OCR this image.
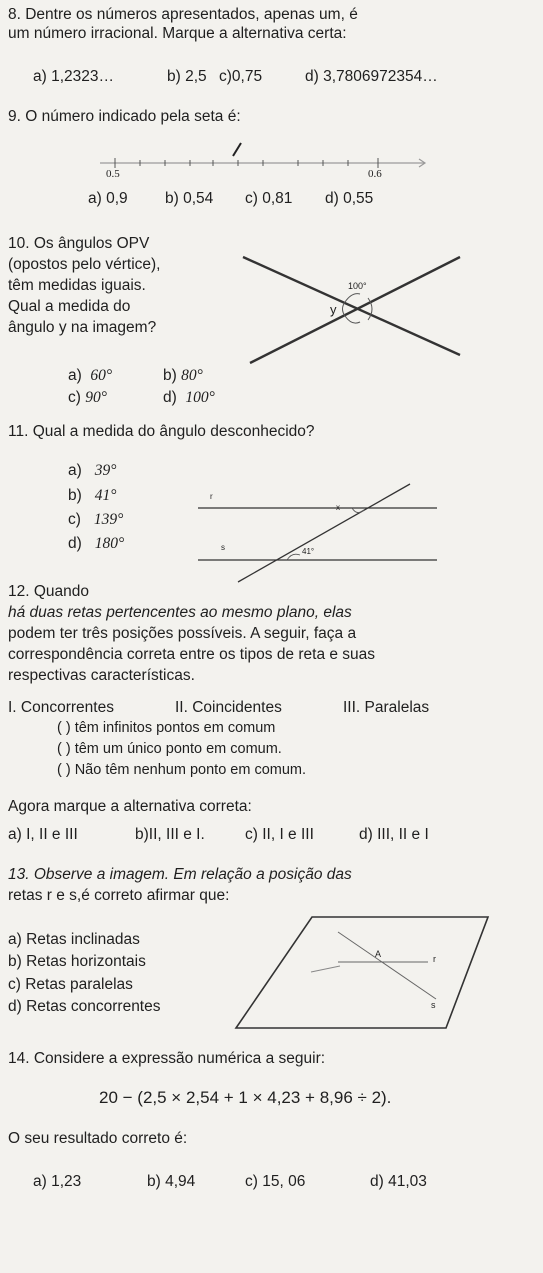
8. Dentre os números apresentados, apenas um, é
um número irracional. Marque a alternativa certa:
a) 1,2323…	b) 2,5 c)0,75	d) 3,7806972354…
9. O número indicado pela seta é:
0.5	0.6
a) 0,9 b) 0,54 c) 0,81 d) 0,55
10. Os ângulos OPV
(opostos pelo vértice),
têm medidas iguais.
Qual a medida do
ângulo y na imagem?
100°
y
a) 60°	b) 80°
c) 90°	d) 100°
11. Qual a medida do ângulo desconhecido?
a) 39°
b) 41°
c) 139°
d) 180°
r
x
s	41°
12. Quando
há duas retas pertencentes ao mesmo plano, elas
podem ter três posições possíveis. A seguir, faça a
correspondência correta entre os tipos de reta e suas
respectivas características.
I. Concorrentes	II. Coincidentes	III. Paralelas
( ) têm infinitos pontos em comum
( ) têm um único ponto em comum.
( ) Não têm nenhum ponto em comum.
Agora marque a alternativa correta:
a) I, II e III	b)II, III e I.	c) II, I e III	d) III, II e I
13. Observe a imagem. Em relação a posição das
retas r e s,é correto afirmar que:
a) Retas inclinadas
b) Retas horizontais
c) Retas paralelas
d) Retas concorrentes
A	r
s
14. Considere a expressão numérica a seguir:
20 − (2,5 × 2,54 + 1 × 4,23 + 8,96 ÷ 2).
O seu resultado correto é:
a) 1,23	b) 4,94	c) 15, 06	d) 41,03
